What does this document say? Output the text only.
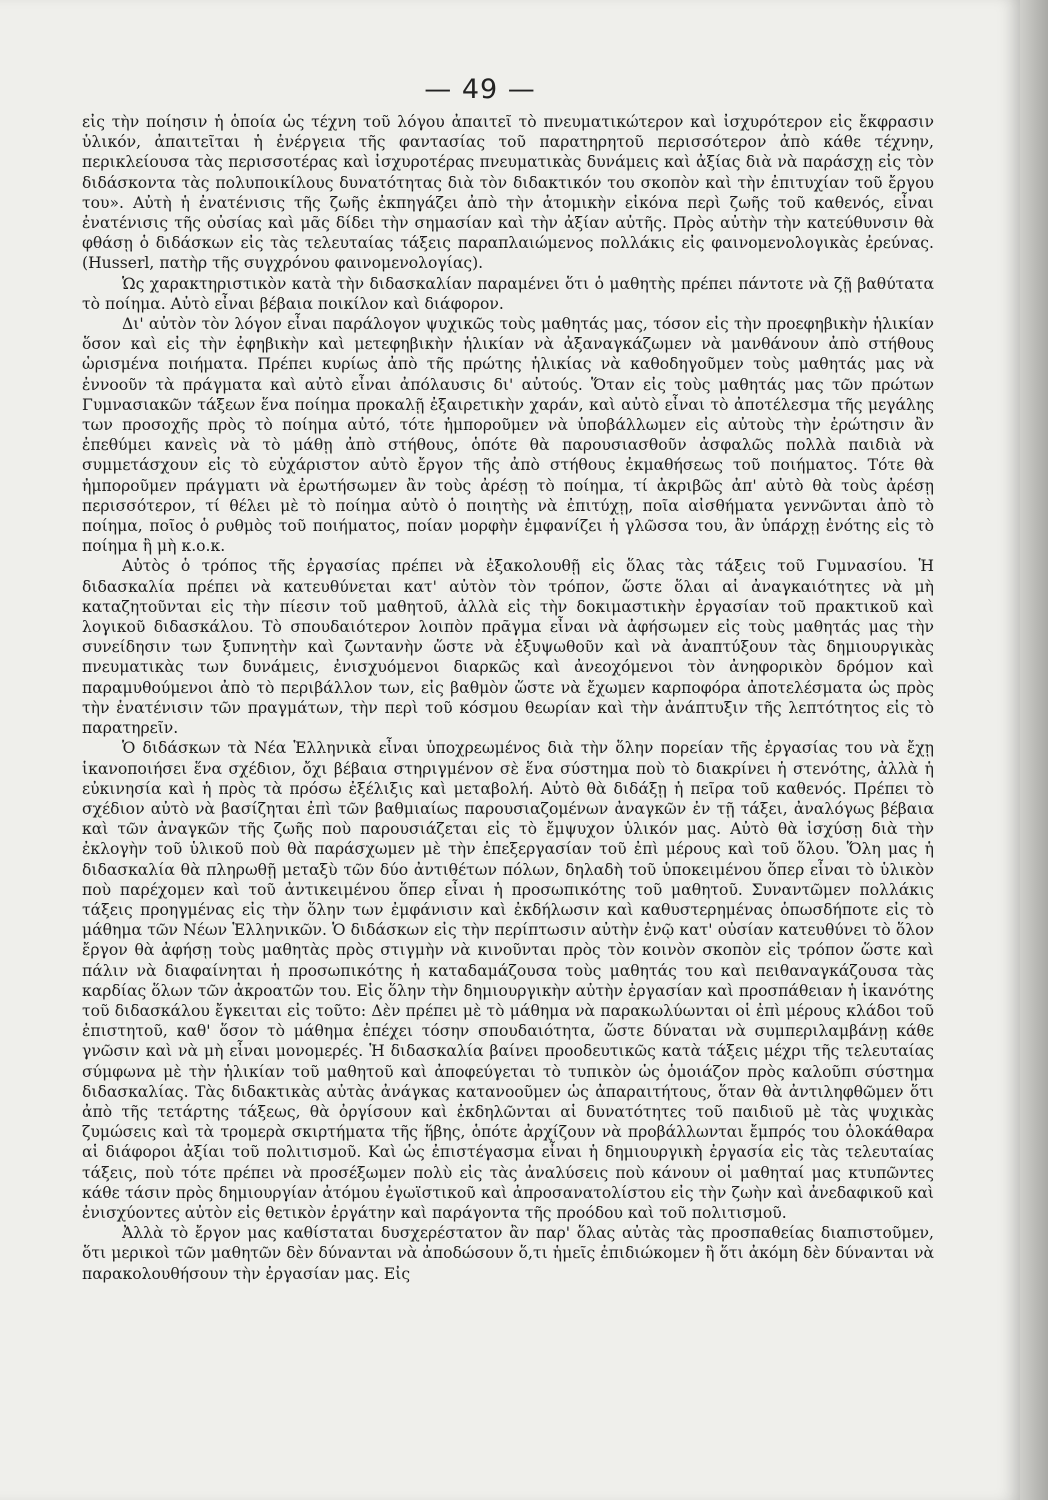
— 49 —

εἰς τὴν ποίησιν ἡ ὁποία ὡς τέχνη τοῦ λόγου ἀπαιτεῖ τὸ πνευματικώτερον καὶ ἰσχυρότερον εἰς ἔκφρασιν ὑλικόν, ἀπαιτεῖται ἡ ἐνέργεια τῆς φαντασίας τοῦ παρατηρητοῦ περισσότερον ἀπὸ κάθε τέχνην, περικλείουσα τὰς περισσοτέρας καὶ ἰσχυροτέρας πνευματικὰς δυνάμεις καὶ ἀξίας διὰ νὰ παράσχῃ εἰς τὸν διδάσκοντα τὰς πολυποικίλους δυνατότητας διὰ τὸν διδακτικόν του σκοπὸν καὶ τὴν ἐπιτυχίαν τοῦ ἔργου του». Αὐτὴ ἡ ἐνατένισις τῆς ζωῆς ἐκπηγάζει ἀπὸ τὴν ἀτομικὴν εἰκόνα περὶ ζωῆς τοῦ καθενός, εἶναι ἐνατένισις τῆς οὐσίας καὶ μᾶς δίδει τὴν σημασίαν καὶ τὴν ἀξίαν αὐτῆς. Πρὸς αὐτὴν τὴν κατεύθυνσιν θὰ φθάσῃ ὁ διδάσκων εἰς τὰς τελευταίας τάξεις παραπλαιώμενος πολλάκις εἰς φαινομενολογικὰς ἐρεύνας. (Husserl, πατὴρ τῆς συγχρόνου φαινομενολογίας).

Ὡς χαρακτηριστικὸν κατὰ τὴν διδασκαλίαν παραμένει ὅτι ὁ μαθητὴς πρέπει πάντοτε νὰ ζῇ βαθύτατα τὸ ποίημα. Αὐτὸ εἶναι βέβαια ποικίλον καὶ διάφορον.

Δι' αὐτὸν τὸν λόγον εἶναι παράλογον ψυχικῶς τοὺς μαθητάς μας, τόσον εἰς τὴν προεφηβικὴν ἡλικίαν ὅσον καὶ εἰς τὴν ἐφηβικὴν καὶ μετεφηβικὴν ἡλικίαν νὰ ἀξαναγκάζωμεν νὰ μανθάνουν ἀπὸ στήθους ὡρισμένα ποιήματα. Πρέπει κυρίως ἀπὸ τῆς πρώτης ἡλικίας νὰ καθοδηγοῦμεν τοὺς μαθητάς μας νὰ ἐννοοῦν τὰ πράγματα καὶ αὐτὸ εἶναι ἀπόλαυσις δι' αὐτούς. Ὅταν εἰς τοὺς μαθητάς μας τῶν πρώτων Γυμνασιακῶν τάξεων ἕνα ποίημα προκαλῇ ἐξαιρετικὴν χαράν, καὶ αὐτὸ εἶναι τὸ ἀποτέλεσμα τῆς μεγάλης των προσοχῆς πρὸς τὸ ποίημα αὐτό, τότε ἠμποροῦμεν νὰ ὑποβάλλωμεν εἰς αὐτοὺς τὴν ἐρώτησιν ἂν ἐπεθύμει κανεὶς νὰ τὸ μάθῃ ἀπὸ στήθους, ὁπότε θὰ παρουσιασθοῦν ἀσφαλῶς πολλὰ παιδιὰ νὰ συμμετάσχουν εἰς τὸ εὐχάριστον αὐτὸ ἔργον τῆς ἀπὸ στήθους ἐκμαθήσεως τοῦ ποιήματος. Τότε θὰ ἠμποροῦμεν πράγματι νὰ ἐρωτήσωμεν ἂν τοὺς ἀρέσῃ τὸ ποίημα, τί ἀκριβῶς ἀπ' αὐτὸ θὰ τοὺς ἀρέσῃ περισσότερον, τί θέλει μὲ τὸ ποίημα αὐτὸ ὁ ποιητὴς νὰ ἐπιτύχῃ, ποῖα αἰσθήματα γεννῶνται ἀπὸ τὸ ποίημα, ποῖος ὁ ρυθμὸς τοῦ ποιήματος, ποίαν μορφὴν ἐμφανίζει ἡ γλῶσσα του, ἂν ὑπάρχῃ ἑνότης εἰς τὸ ποίημα ἢ μὴ κ.ο.κ.

Αὐτὸς ὁ τρόπος τῆς ἐργασίας πρέπει νὰ ἐξακολουθῇ εἰς ὅλας τὰς τάξεις τοῦ Γυμνασίου. Ἡ διδασκαλία πρέπει νὰ κατευθύνεται κατ' αὐτὸν τὸν τρόπον, ὥστε ὅλαι αἱ ἀναγκαιότητες νὰ μὴ καταζητοῦνται εἰς τὴν πίεσιν τοῦ μαθητοῦ, ἀλλὰ εἰς τὴν δοκιμαστικὴν ἐργασίαν τοῦ πρακτικοῦ καὶ λογικοῦ διδασκάλου. Τὸ σπουδαιότερον λοιπὸν πρᾶγμα εἶναι νὰ ἀφήσωμεν εἰς τοὺς μαθητάς μας τὴν συνείδησιν των ξυπνητὴν καὶ ζωντανὴν ὥστε νὰ ἐξυψωθοῦν καὶ νὰ ἀναπτύξουν τὰς δημιουργικὰς πνευματικὰς των δυνάμεις, ἐνισχυόμενοι διαρκῶς καὶ ἀνεοχόμενοι τὸν ἀνηφορικὸν δρόμον καὶ παραμυθούμενοι ἀπὸ τὸ περιβάλλον των, εἰς βαθμὸν ὥστε νὰ ἔχωμεν καρποφόρα ἀποτελέσματα ὡς πρὸς τὴν ἐνατένισιν τῶν πραγμάτων, τὴν περὶ τοῦ κόσμου θεωρίαν καὶ τὴν ἀνάπτυξιν τῆς λεπτότητος εἰς τὸ παρατηρεῖν.

Ὁ διδάσκων τὰ Νέα Ἑλληνικὰ εἶναι ὑποχρεωμένος διὰ τὴν ὅλην πορείαν τῆς ἐργασίας του νὰ ἔχῃ ἱκανοποιήσει ἕνα σχέδιον, ὄχι βέβαια στηριγμένον σὲ ἕνα σύστημα ποὺ τὸ διακρίνει ἡ στενότης, ἀλλὰ ἡ εὐκινησία καὶ ἡ πρὸς τὰ πρόσω ἐξέλιξις καὶ μεταβολή. Αὐτὸ θὰ διδάξῃ ἡ πεῖρα τοῦ καθενός. Πρέπει τὸ σχέδιον αὐτὸ νὰ βασίζηται ἐπὶ τῶν βαθμιαίως παρουσιαζομένων ἀναγκῶν ἐν τῇ τάξει, ἀναλόγως βέβαια καὶ τῶν ἀναγκῶν τῆς ζωῆς ποὺ παρουσιάζεται εἰς τὸ ἔμψυχον ὑλικόν μας. Αὐτὸ θὰ ἰσχύσῃ διὰ τὴν ἐκλογὴν τοῦ ὑλικοῦ ποὺ θὰ παράσχωμεν μὲ τὴν ἐπεξεργασίαν τοῦ ἐπὶ μέρους καὶ τοῦ ὅλου. Ὅλη μας ἡ διδασκαλία θὰ πληρωθῇ μεταξὺ τῶν δύο ἀντιθέτων πόλων, δηλαδὴ τοῦ ὑποκειμένου ὅπερ εἶναι τὸ ὑλικὸν ποὺ παρέχομεν καὶ τοῦ ἀντικειμένου ὅπερ εἶναι ἡ προσωπικότης τοῦ μαθητοῦ. Συναντῶμεν πολλάκις τάξεις προηγμένας εἰς τὴν ὅλην των ἐμφάνισιν καὶ ἐκδήλωσιν καὶ καθυστερημένας ὁπωσδήποτε εἰς τὸ μάθημα τῶν Νέων Ἑλληνικῶν. Ὁ διδάσκων εἰς τὴν περίπτωσιν αὐτὴν ἐνῷ κατ' οὐσίαν κατευθύνει τὸ ὅλον ἔργον θὰ ἀφήσῃ τοὺς μαθητὰς πρὸς στιγμὴν νὰ κινοῦνται πρὸς τὸν κοινὸν σκοπὸν εἰς τρόπον ὥστε καὶ πάλιν νὰ διαφαίνηται ἡ προσωπικότης ἡ καταδαμάζουσα τοὺς μαθητάς του καὶ πειθαναγκάζουσα τὰς καρδίας ὅλων τῶν ἀκροατῶν του. Εἰς ὅλην τὴν δημιουργικὴν αὐτὴν ἐργασίαν καὶ προσπάθειαν ἡ ἱκανότης τοῦ διδασκάλου ἔγκειται εἰς τοῦτο: Δὲν πρέπει μὲ τὸ μάθημα νὰ παρακωλύωνται οἱ ἐπὶ μέρους κλάδοι τοῦ ἐπιστητοῦ, καθ' ὅσον τὸ μάθημα ἐπέχει τόσην σπουδαιότητα, ὥστε δύναται νὰ συμπεριλαμβάνῃ κάθε γνῶσιν καὶ νὰ μὴ εἶναι μονομερές. Ἡ διδασκαλία βαίνει προοδευτικῶς κατὰ τάξεις μέχρι τῆς τελευταίας σύμφωνα μὲ τὴν ἡλικίαν τοῦ μαθητοῦ καὶ ἀποφεύγεται τὸ τυπικὸν ὡς ὁμοιάζον πρὸς καλοῦπι σύστημα διδασκαλίας. Τὰς διδακτικὰς αὐτὰς ἀνάγκας κατανοοῦμεν ὡς ἀπαραιτήτους, ὅταν θὰ ἀντιληφθῶμεν ὅτι ἀπὸ τῆς τετάρτης τάξεως, θὰ ὀργίσουν καὶ ἐκδηλῶνται αἱ δυνατότητες τοῦ παιδιοῦ μὲ τὰς ψυχικὰς ζυμώσεις καὶ τὰ τρομερὰ σκιρτήματα τῆς ἥβης, ὁπότε ἀρχίζουν νὰ προβάλλωνται ἔμπρός του ὁλοκάθαρα αἱ διάφοροι ἀξίαι τοῦ πολιτισμοῦ. Καὶ ὡς ἐπιστέγασμα εἶναι ἡ δημιουργικὴ ἐργασία εἰς τὰς τελευταίας τάξεις, ποὺ τότε πρέπει νὰ προσέξωμεν πολὺ εἰς τὰς ἀναλύσεις ποὺ κάνουν οἱ μαθηταί μας κτυπῶντες κάθε τάσιν πρὸς δημιουργίαν ἀτόμου ἐγωϊστικοῦ καὶ ἀπροσανατολίστου εἰς τὴν ζωὴν καὶ ἀνεδαφικοῦ καὶ ἐνισχύοντες αὐτὸν εἰς θετικὸν ἐργάτην καὶ παράγοντα τῆς προόδου καὶ τοῦ πολιτισμοῦ.

Ἀλλὰ τὸ ἔργον μας καθίσταται δυσχερέστατον ἂν παρ' ὅλας αὐτὰς τὰς προσπαθείας διαπιστοῦμεν, ὅτι μερικοὶ τῶν μαθητῶν δὲν δύνανται νὰ ἀποδώσουν ὅ,τι ἡμεῖς ἐπιδιώκομεν ἢ ὅτι ἀκόμη δὲν δύνανται νὰ παρακολουθήσουν τὴν ἐργασίαν μας. Εἰς
